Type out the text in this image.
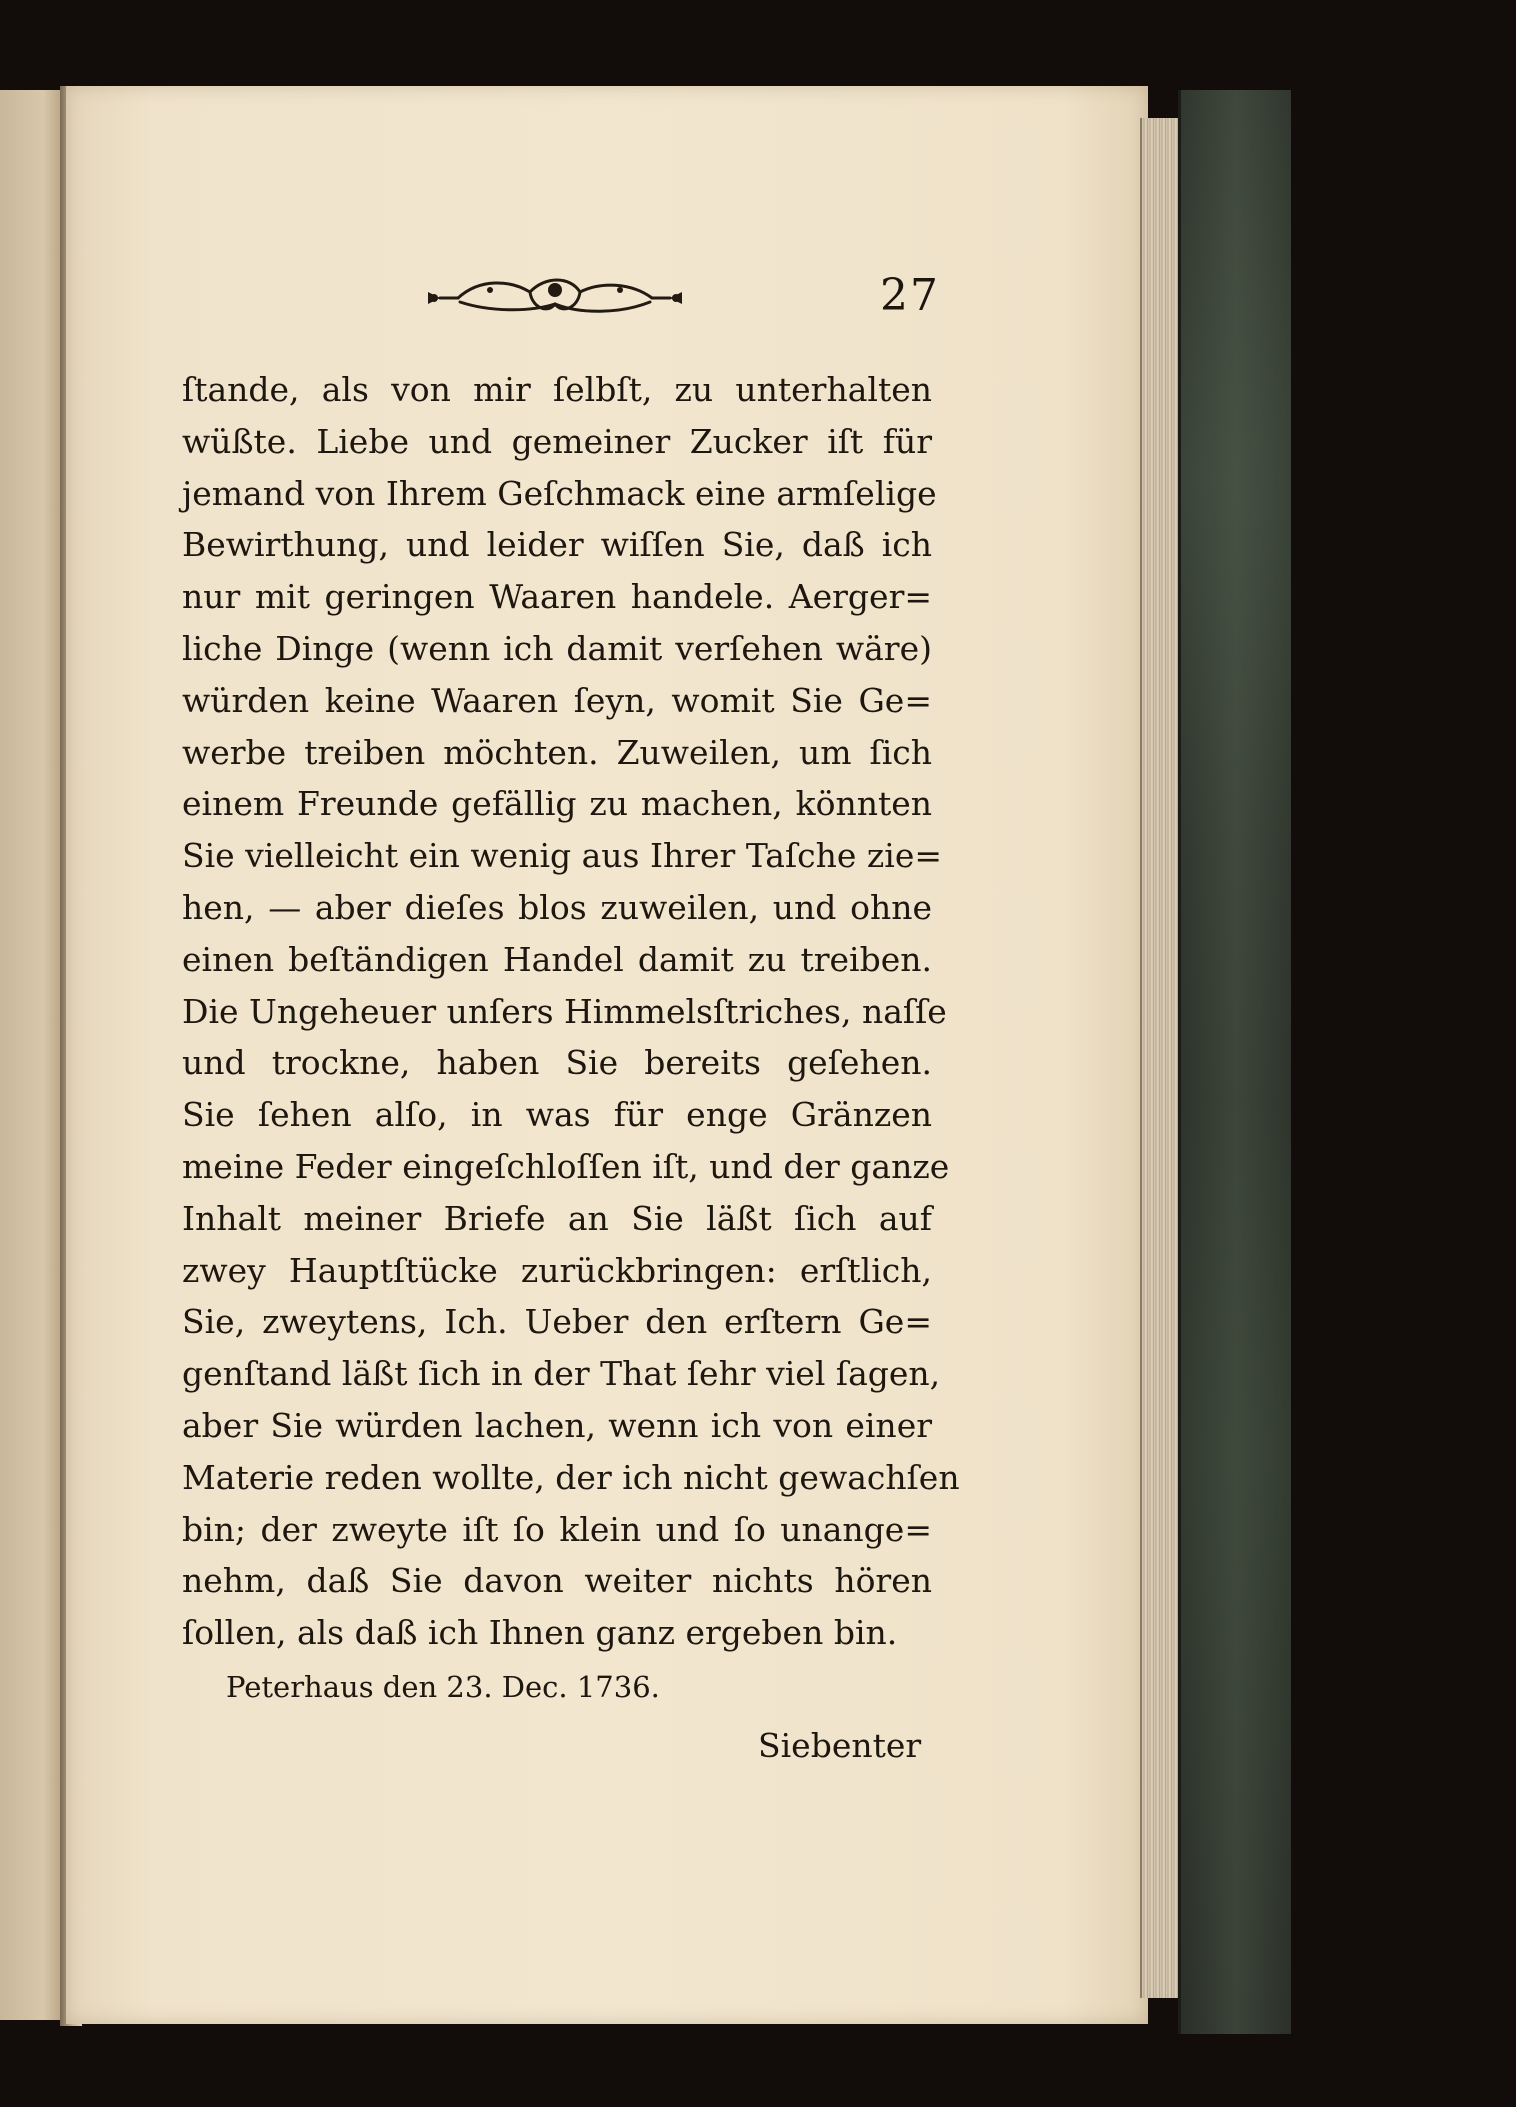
27
ſtande, als von mir ſelbſt, zu unterhalten
wüßte. Liebe und gemeiner Zucker iſt für
jemand von Ihrem Geſchmack eine armſelige
Bewirthung, und leider wiſſen Sie, daß ich
nur mit geringen Waaren handele. Aerger=
liche Dinge (wenn ich damit verſehen wäre)
würden keine Waaren ſeyn, womit Sie Ge=
werbe treiben möchten. Zuweilen, um ſich
einem Freunde gefällig zu machen, könnten
Sie vielleicht ein wenig aus Ihrer Taſche zie=
hen, — aber dieſes blos zuweilen, und ohne
einen beſtändigen Handel damit zu treiben.
Die Ungeheuer unſers Himmelsſtriches, naſſe
und trockne, haben Sie bereits geſehen.
Sie ſehen alſo, in was für enge Gränzen
meine Feder eingeſchloſſen iſt, und der ganze
Inhalt meiner Briefe an Sie läßt ſich auf
zwey Hauptſtücke zurückbringen: erſtlich,
Sie, zweytens, Ich. Ueber den erſtern Ge=
genſtand läßt ſich in der That ſehr viel ſagen,
aber Sie würden lachen, wenn ich von einer
Materie reden wollte, der ich nicht gewachſen
bin; der zweyte iſt ſo klein und ſo unange=
nehm, daß Sie davon weiter nichts hören
ſollen, als daß ich Ihnen ganz ergeben bin.
Peterhaus den 23. Dec. 1736.
Siebenter
